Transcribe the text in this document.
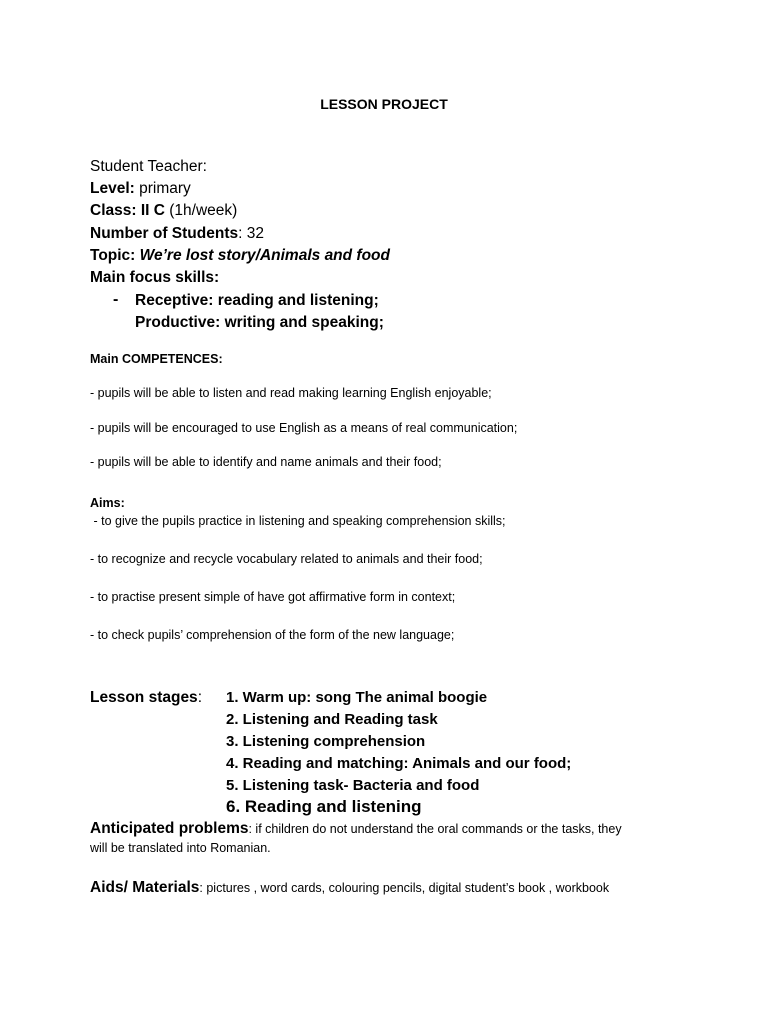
LESSON PROJECT
Student Teacher:
Level: primary
Class: II C (1h/week)
Number of Students: 32
Topic: We’re lost story/Animals and food
Main focus skills:
- Receptive: reading and listening;
Productive: writing and speaking;
Main COMPETENCES:
- pupils will be able to listen and read making learning English enjoyable;
- pupils will be encouraged to use English as a means of real communication;
- pupils will be able to identify and name animals and their food;
Aims:
- to give the pupils practice in listening and speaking comprehension skills;
- to recognize and recycle vocabulary related to animals and their food;
- to practise present simple of have got affirmative form in context;
- to check pupils’ comprehension of the form of the new language;
Lesson stages: 1. Warm up: song The animal boogie
2. Listening and Reading task
3. Listening comprehension
4. Reading and matching: Animals and our food;
5. Listening task- Bacteria and food
6. Reading and listening
Anticipated problems: if children do not understand the oral commands or the tasks, they
will be translated into Romanian.
Aids/ Materials: pictures , word cards, colouring pencils, digital student’s book , workbook
